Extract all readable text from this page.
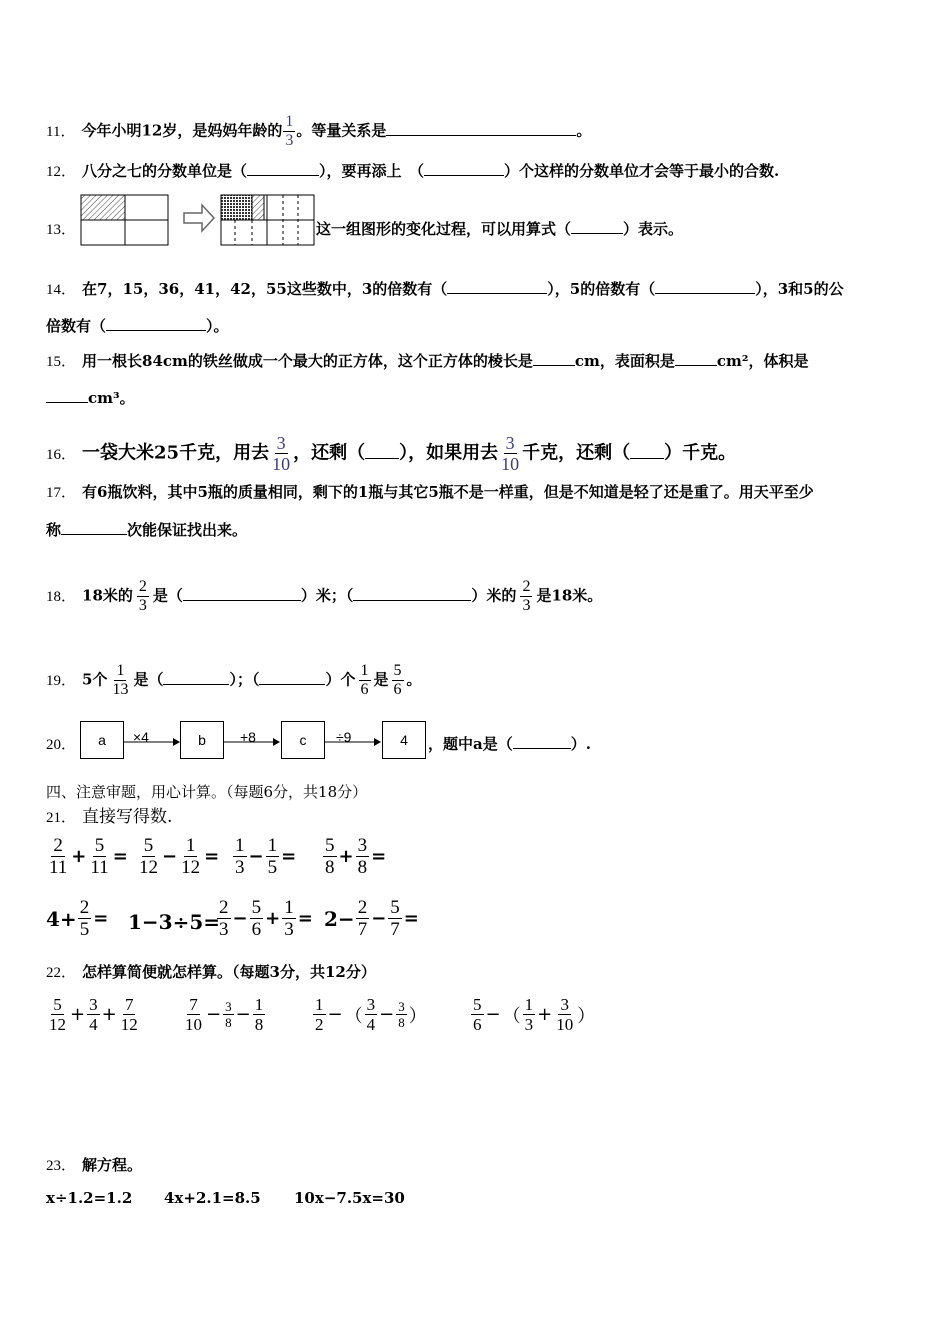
11． 今年小明12岁，是妈妈年龄的 $\frac{1}{3}$ 。等量关系是	。
12． 八分之七的分数单位是（	），要再添上　（	）个这样的分数单位才会等于最小的合数.
13．	这一组图形的变化过程，可以用算式（	）表示。
14． 在7，15，36，41，42，55这些数中，3的倍数有（	），5的倍数有（	），3和5的公
倍数有（	）。
15． 用一根长84cm的铁丝做成一个最大的正方体，这个正方体的棱长是	cm，表面积是	cm²，体积是
cm³。
16． 一袋大米25千克，用去 $\frac{3}{10}$ ，还剩（ ），如果用去 $\frac{3}{10}$ 千克，还剩（ ）千克。
17． 有6瓶饮料，其中5瓶的质量相同，剩下的1瓶与其它5瓶不是一样重，但是不知道是轻了还是重了。用天平至少
称	次能保证找出来。
18． 18米的 $\frac{2}{3}$ 是（	）米；（	）米的 $\frac{2}{3}$ 是18米。
19． 5个 $\frac{1}{13}$ 是（	）；（	）个 $\frac{1}{6}$ 是 $\frac{5}{6}$ 。
20．	a	b	c	4
×4	+8	÷9	，题中a是（	）.
四、注意审题，用心计算。（每题6分，共18分）
21． 直接写得数.
$\frac{2}{11} + \frac{5}{11} = \frac{5}{12} - \frac{1}{12} = \frac{1}{3} - \frac{1}{5} = \frac{5}{8} + \frac{3}{8}$ =
$4+ \frac{2}{5} = 1-3\div 5=$
$\frac{2}{3} - \frac{5}{6} + \frac{1}{3} = 2- \frac{2}{7} - \frac{5}{7}$ =
22． 怎样算简便就怎样算。（每题3分，共12分）
$\frac{5}{12} + \frac{3}{4} + \frac{7}{12}$	$\frac{7}{10} - \frac{3}{8} - \frac{1}{8}$	$\frac{1}{2}$ − （ $\frac{3}{4} - \frac{3}{8}$ ）	$\frac{5}{6}$ − （ $\frac{1}{3} + \frac{3}{10}$ ）
23． 解方程。
x÷1.2=1.2 4x+2.1=8.5 10x−7.5x=30
